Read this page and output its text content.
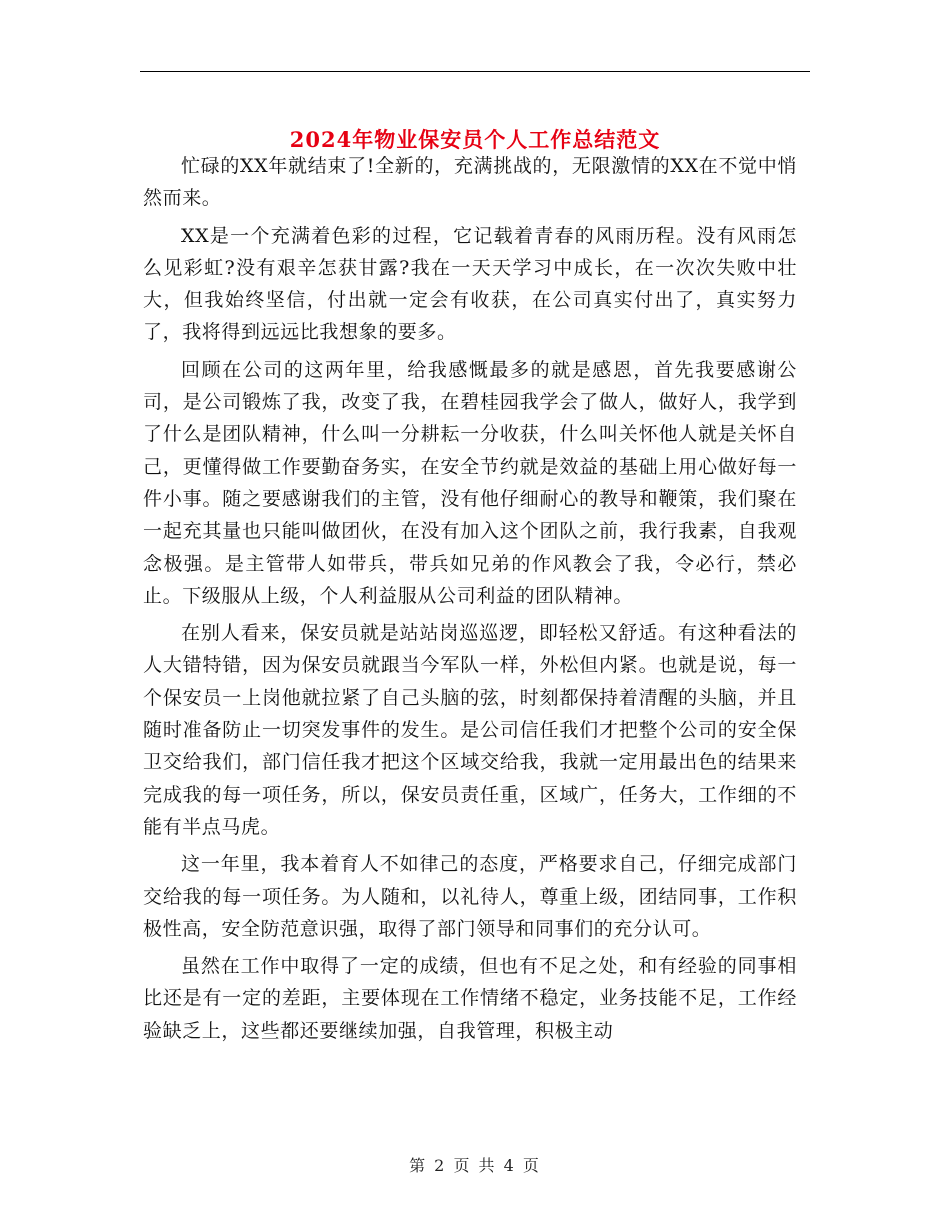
2024年物业保安员个人工作总结范文

忙碌的XX年就结束了!全新的，充满挑战的，无限激情的XX在不觉中悄然而来。

XX是一个充满着色彩的过程，它记载着青春的风雨历程。没有风雨怎么见彩虹?没有艰辛怎获甘露?我在一天天学习中成长，在一次次失败中壮大，但我始终坚信，付出就一定会有收获，在公司真实付出了，真实努力了，我将得到远远比我想象的要多。

回顾在公司的这两年里，给我感慨最多的就是感恩，首先我要感谢公司，是公司锻炼了我，改变了我，在碧桂园我学会了做人，做好人，我学到了什么是团队精神，什么叫一分耕耘一分收获，什么叫关怀他人就是关怀自己，更懂得做工作要勤奋务实，在安全节约就是效益的基础上用心做好每一件小事。随之要感谢我们的主管，没有他仔细耐心的教导和鞭策，我们聚在一起充其量也只能叫做团伙，在没有加入这个团队之前，我行我素，自我观念极强。是主管带人如带兵，带兵如兄弟的作风教会了我，令必行，禁必止。下级服从上级，个人利益服从公司利益的团队精神。

在别人看来，保安员就是站站岗巡巡逻，即轻松又舒适。有这种看法的人大错特错，因为保安员就跟当今军队一样，外松但内紧。也就是说，每一个保安员一上岗他就拉紧了自己头脑的弦，时刻都保持着清醒的头脑，并且随时准备防止一切突发事件的发生。是公司信任我们才把整个公司的安全保卫交给我们，部门信任我才把这个区域交给我，我就一定用最出色的结果来完成我的每一项任务，所以，保安员责任重，区域广，任务大，工作细的不能有半点马虎。

这一年里，我本着育人不如律己的态度，严格要求自己，仔细完成部门交给我的每一项任务。为人随和，以礼待人，尊重上级，团结同事，工作积极性高，安全防范意识强，取得了部门领导和同事们的充分认可。

虽然在工作中取得了一定的成绩，但也有不足之处，和有经验的同事相比还是有一定的差距，主要体现在工作情绪不稳定，业务技能不足，工作经验缺乏上，这些都还要继续加强，自我管理，积极主动

第 2 页 共 4 页
